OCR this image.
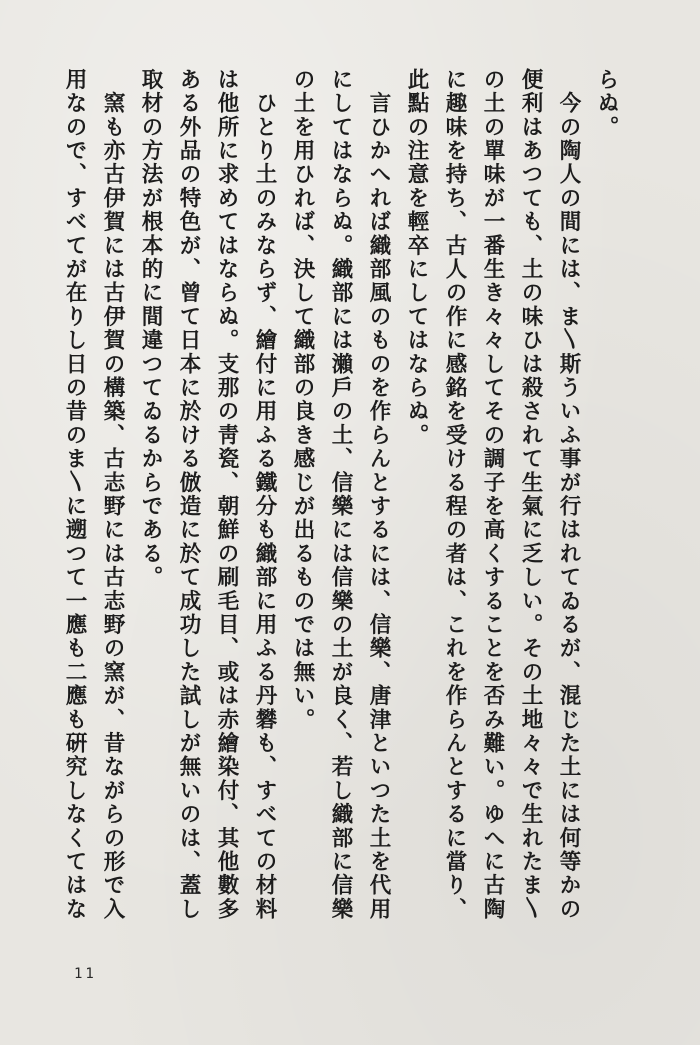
らぬ。
　今の陶人の間には、ま〵斯ういふ事が行はれてゐるが、混じた土には何等かの
便利はあつても、土の味ひは殺されて生氣に乏しい。その土地々々で生れたま〵
の土の單味が一番生き々々してその調子を高くすることを否み難い。ゆへに古陶
に趣味を持ち、古人の作に感銘を受ける程の者は、これを作らんとするに當り、
此點の注意を輕卒にしてはならぬ。
　言ひかへれば織部風のものを作らんとするには、信樂、唐津といつた土を代用
にしてはならぬ。織部には瀨戶の土、信樂には信樂の土が良く、若し織部に信樂
の土を用ひれば、決して織部の良き感じが出るものでは無い。
　ひとり土のみならず、繪付に用ふる鐵分も織部に用ふる丹礬も、すべての材料
は他所に求めてはならぬ。支那の靑瓷、朝鮮の刷毛目、或は赤繪染付、其他數多
ある外品の特色が、曾て日本に於ける倣造に於て成功した試しが無いのは、蓋し
取材の方法が根本的に間違つてゐるからである。
　窯も亦古伊賀には古伊賀の構築、古志野には古志野の窯が、昔ながらの形で入
用なので、すべてが在りし日の昔のま〵に遡つて一應も二應も硏究しなくてはな
11
